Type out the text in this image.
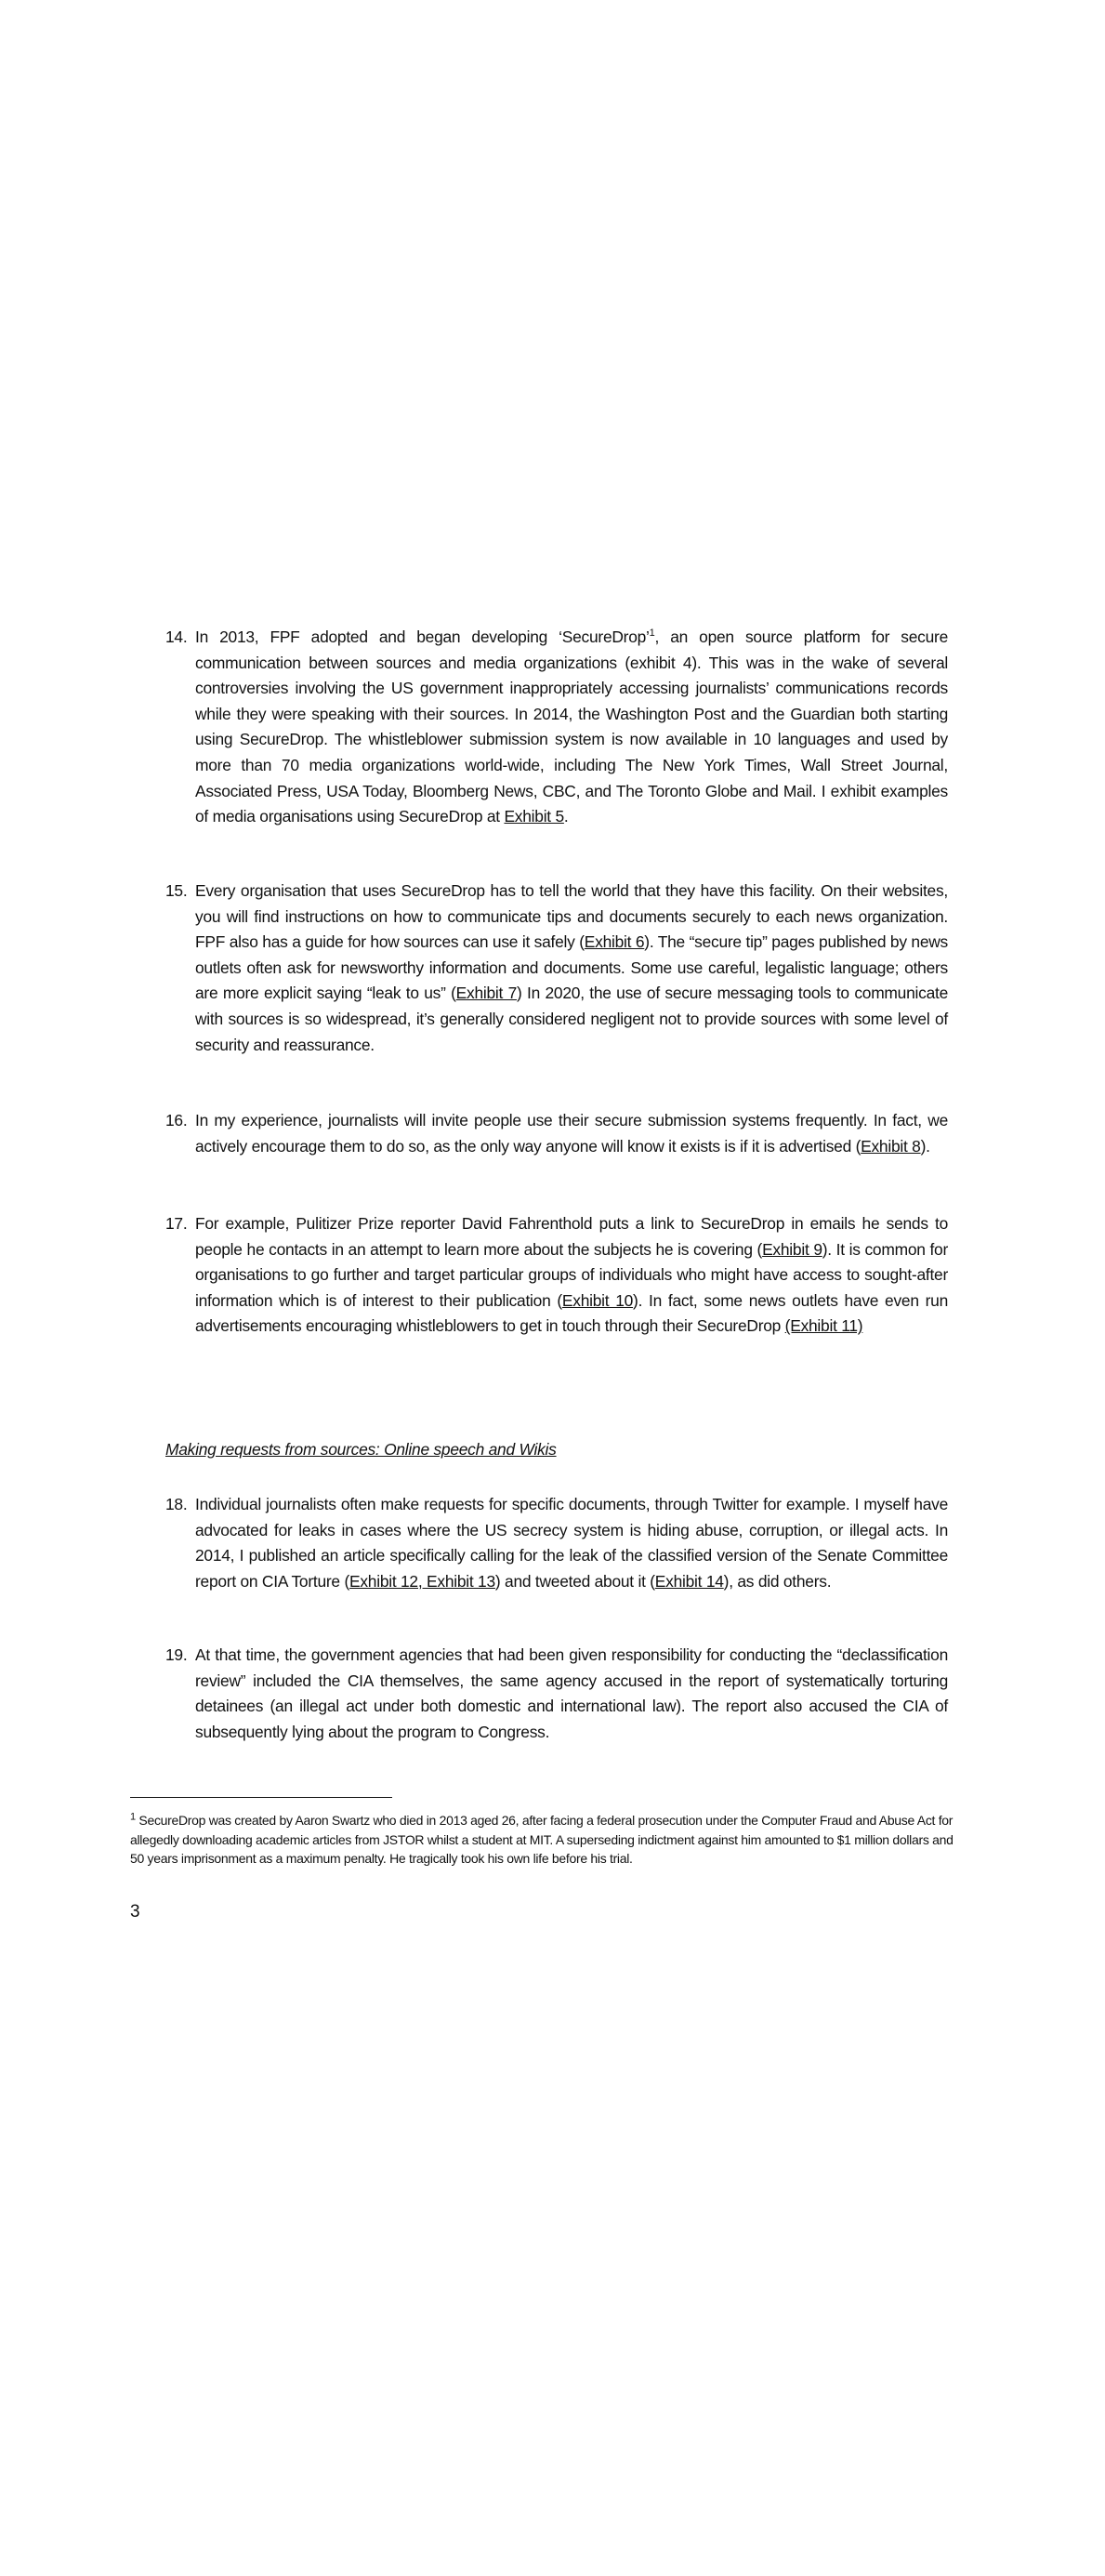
14. In 2013, FPF adopted and began developing ‘SecureDrop’$^1$, an open source platform for secure communication between sources and media organizations (exhibit 4). This was in the wake of several controversies involving the US government inappropriately accessing journalists’ communications records while they were speaking with their sources. In 2014, the Washington Post and the Guardian both starting using SecureDrop. The whistleblower submission system is now available in 10 languages and used by more than 70 media organizations world-wide, including The New York Times, Wall Street Journal, Associated Press, USA Today, Bloomberg News, CBC, and The Toronto Globe and Mail. I exhibit examples of media organisations using SecureDrop at Exhibit 5.
15. Every organisation that uses SecureDrop has to tell the world that they have this facility. On their websites, you will find instructions on how to communicate tips and documents securely to each news organization. FPF also has a guide for how sources can use it safely (Exhibit 6). The “secure tip” pages published by news outlets often ask for newsworthy information and documents. Some use careful, legalistic language; others are more explicit saying “leak to us” (Exhibit 7) In 2020, the use of secure messaging tools to communicate with sources is so widespread, it’s generally considered negligent not to provide sources with some level of security and reassurance.
16. In my experience, journalists will invite people use their secure submission systems frequently. In fact, we actively encourage them to do so, as the only way anyone will know it exists is if it is advertised (Exhibit 8).
17. For example, Pulitizer Prize reporter David Fahrenthold puts a link to SecureDrop in emails he sends to people he contacts in an attempt to learn more about the subjects he is covering (Exhibit 9). It is common for organisations to go further and target particular groups of individuals who might have access to sought-after information which is of interest to their publication (Exhibit 10). In fact, some news outlets have even run advertisements encouraging whistleblowers to get in touch through their SecureDrop (Exhibit 11)
Making requests from sources: Online speech and Wikis
18. Individual journalists often make requests for specific documents, through Twitter for example. I myself have advocated for leaks in cases where the US secrecy system is hiding abuse, corruption, or illegal acts. In 2014, I published an article specifically calling for the leak of the classified version of the Senate Committee report on CIA Torture (Exhibit 12, Exhibit 13) and tweeted about it (Exhibit 14), as did others.
19. At that time, the government agencies that had been given responsibility for conducting the “declassification review” included the CIA themselves, the same agency accused in the report of systematically torturing detainees (an illegal act under both domestic and international law). The report also accused the CIA of subsequently lying about the program to Congress.
$^1$ SecureDrop was created by Aaron Swartz who died in 2013 aged 26, after facing a federal prosecution under the Computer Fraud and Abuse Act for allegedly downloading academic articles from JSTOR whilst a student at MIT. A superseding indictment against him amounted to $1 million dollars and 50 years imprisonment as a maximum penalty. He tragically took his own life before his trial.
3
